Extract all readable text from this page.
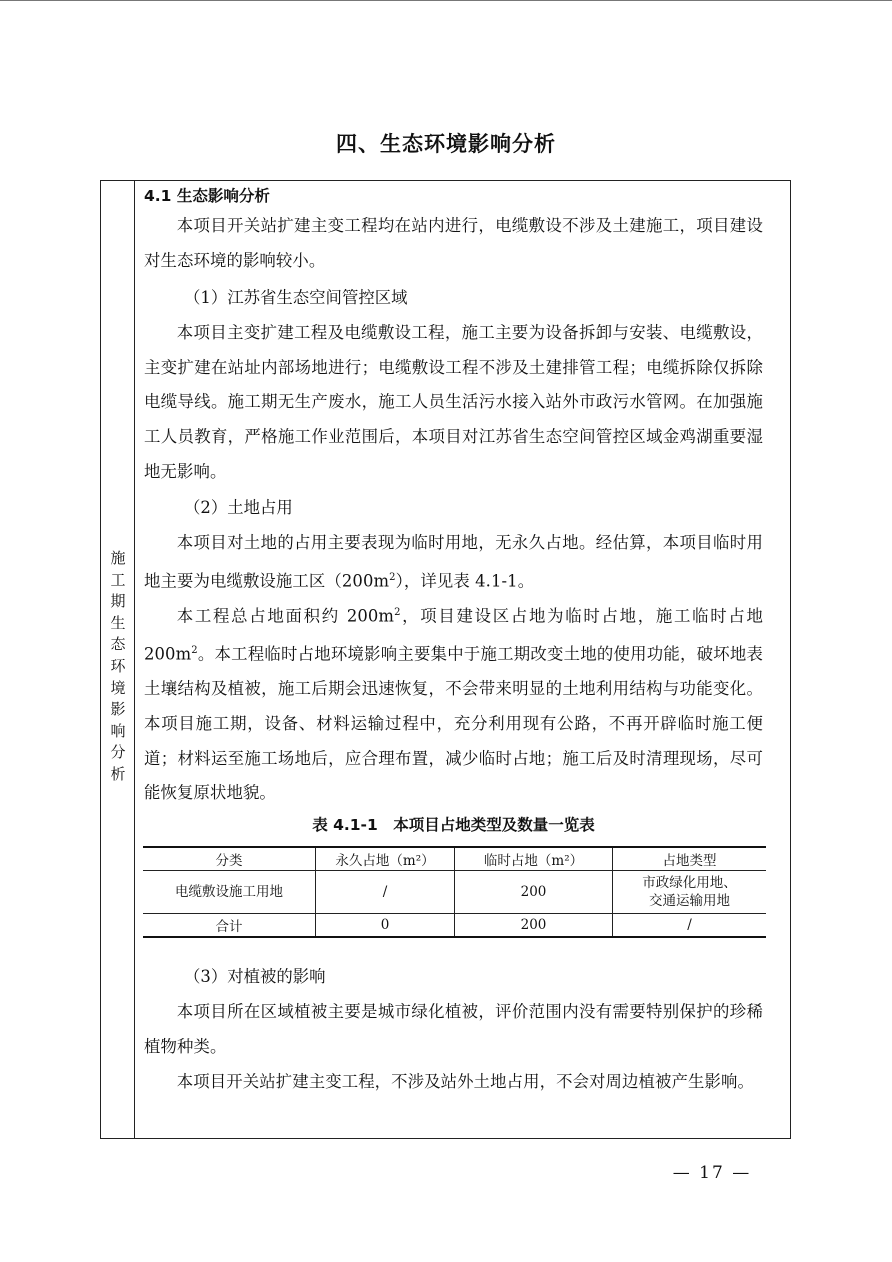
四、生态环境影响分析
施
工
期
生
态
环
境
影
响
分
析
4.1 生态影响分析

本项目开关站扩建主变工程均在站内进行，电缆敷设不涉及土建施工，项目建设对生态环境的影响较小。

（1）江苏省生态空间管控区域

本项目主变扩建工程及电缆敷设工程，施工主要为设备拆卸与安装、电缆敷设，主变扩建在站址内部场地进行；电缆敷设工程不涉及土建排管工程；电缆拆除仅拆除电缆导线。施工期无生产废水，施工人员生活污水接入站外市政污水管网。在加强施工人员教育，严格施工作业范围后，本项目对江苏省生态空间管控区域金鸡湖重要湿地无影响。

（2）土地占用

本项目对土地的占用主要表现为临时用地，无永久占地。经估算，本项目临时用地主要为电缆敷设施工区$(200m^2)$，详见表 4.1-1。

本工程总占地面积约 $200m^2$，项目建设区占地为临时占地，施工临时占地 $200m^2$。本工程临时占地环境影响主要集中于施工期改变土地的使用功能，破坏地表土壤结构及植被，施工后期会迅速恢复，不会带来明显的土地利用结构与功能变化。本项目施工期，设备、材料运输过程中，充分利用现有公路，不再开辟临时施工便道；材料运至施工场地后，应合理布置，减少临时占地；施工后及时清理现场，尽可能恢复原状地貌。

表 4.1-1　本项目占地类型及数量一览表
分类	永久占地（m²）	临时占地（m²）	占地类型
电缆敷设施工用地	/	200	市政绿化用地、
交通运输用地

合计	0	200	/
（3）对植被的影响

本项目所在区域植被主要是城市绿化植被，评价范围内没有需要特别保护的珍稀植物种类。

本项目开关站扩建主变工程，不涉及站外土地占用，不会对周边植被产生影响。

— 17 —
